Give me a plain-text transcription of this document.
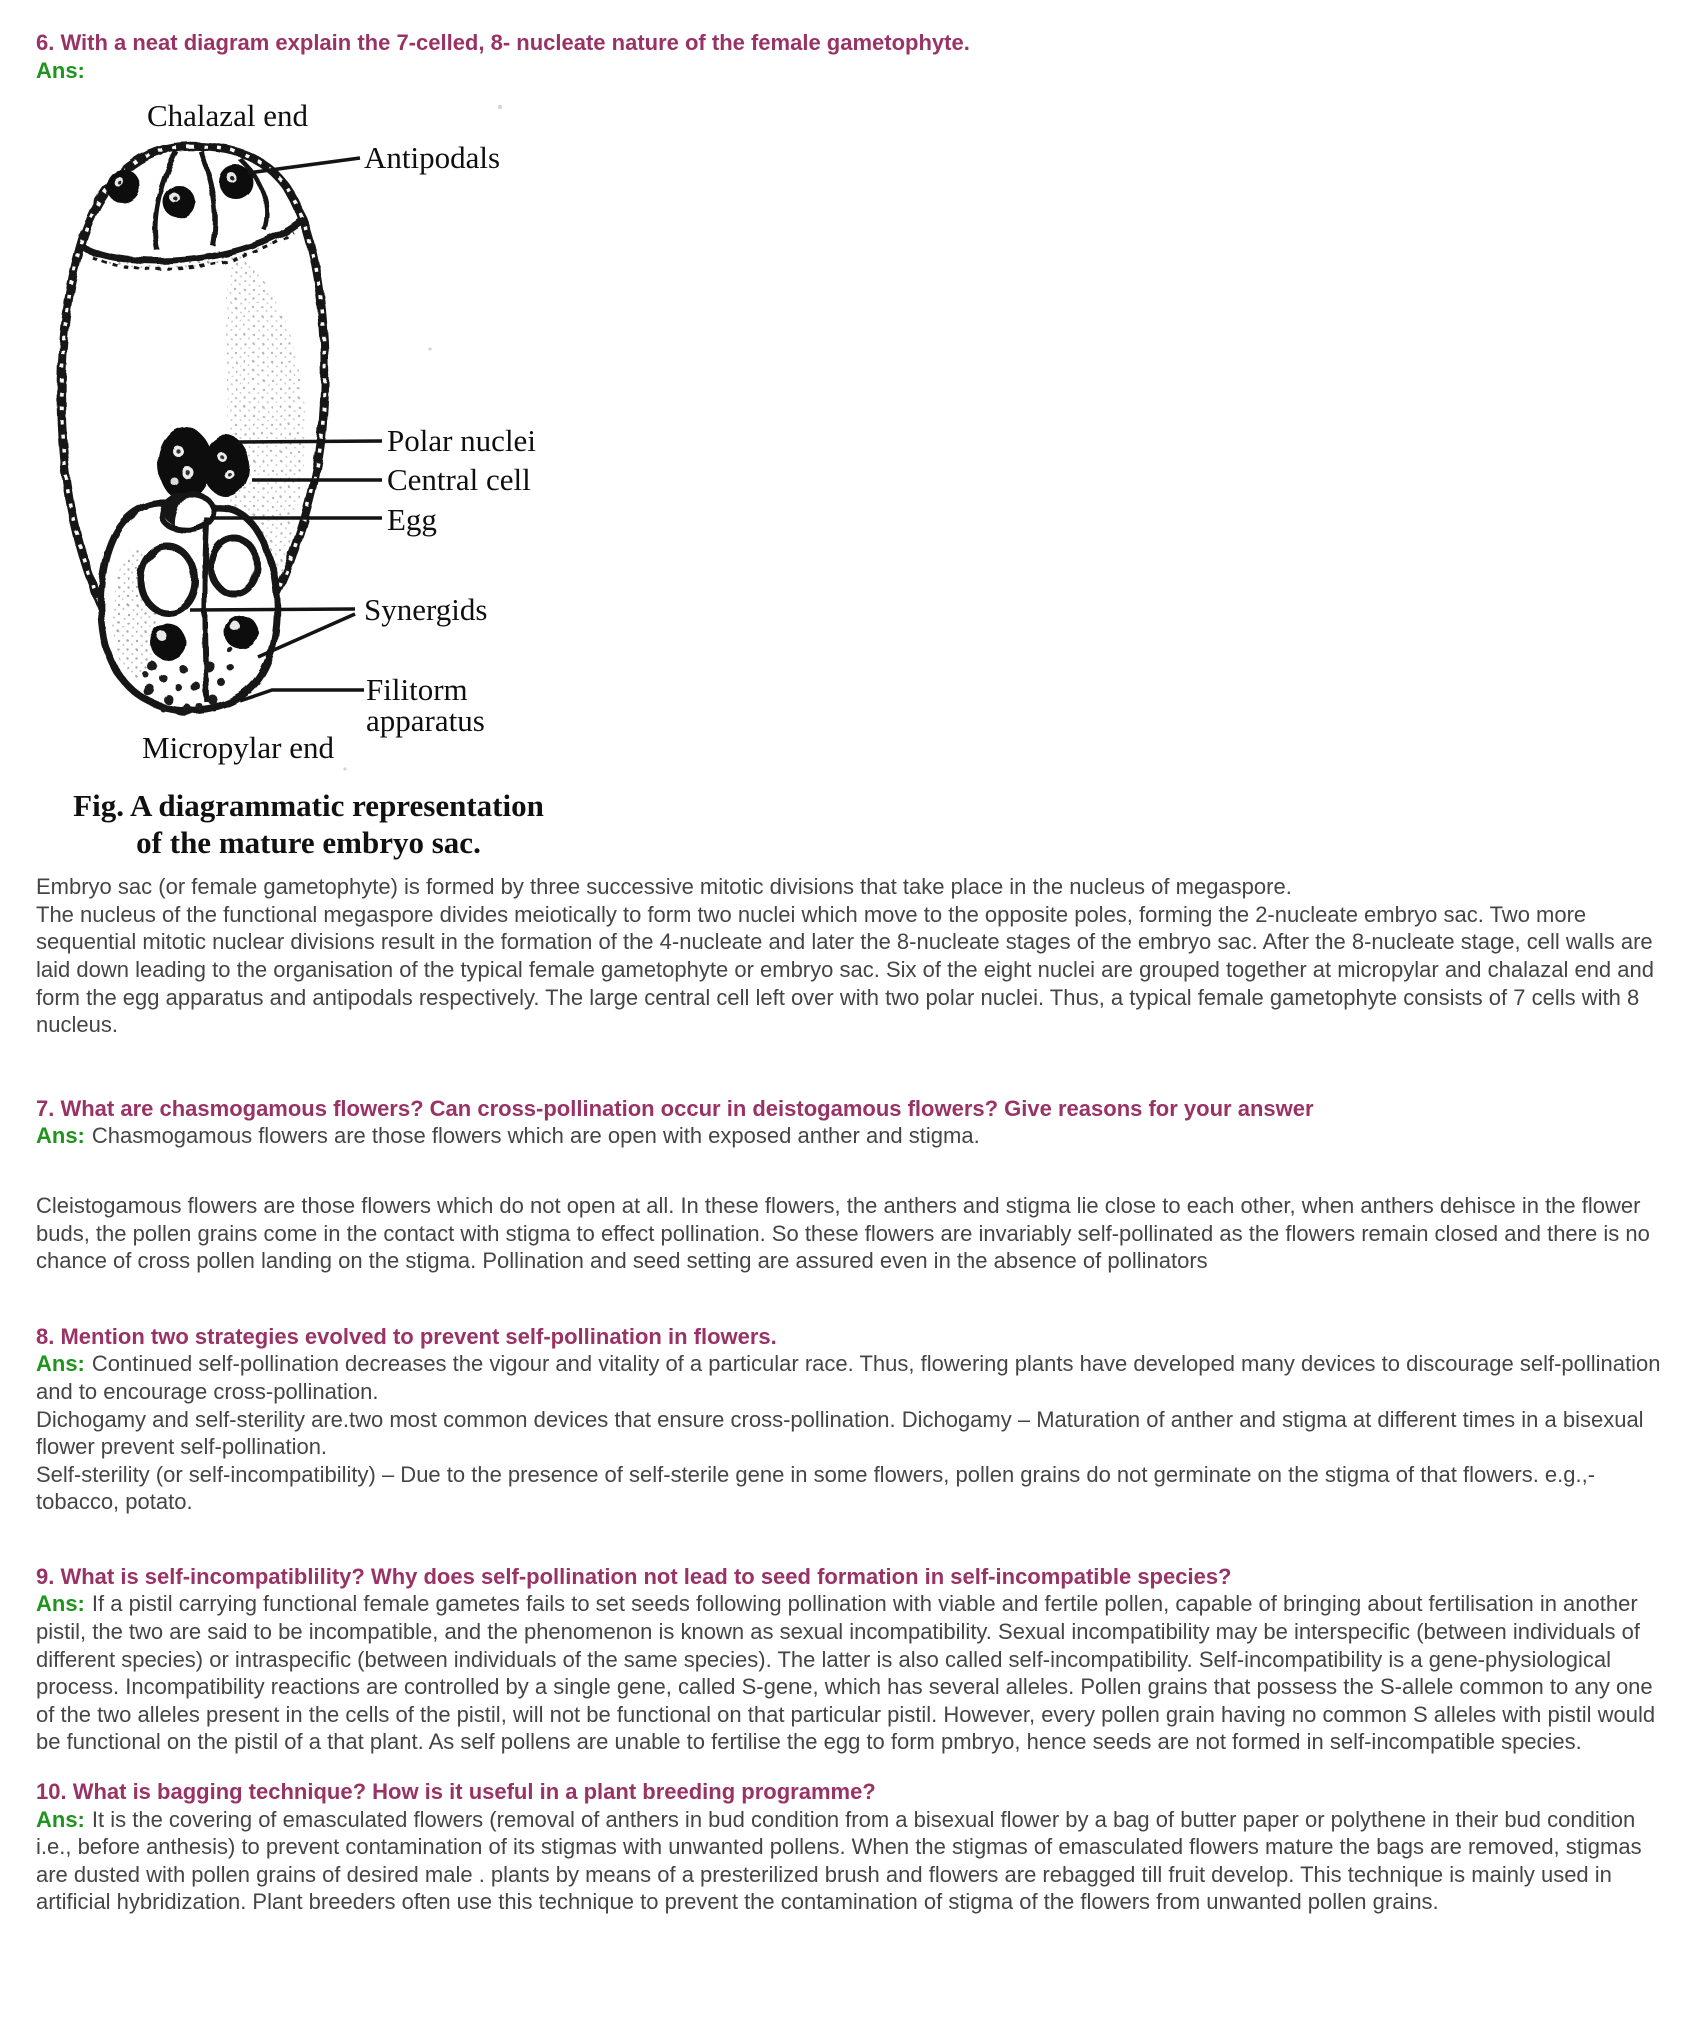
6. With a neat diagram explain the 7-celled, 8- nucleate nature of the female gametophyte.

Ans:

Chalazal end
Antipodals
Polar nuclei
Central cell
Egg
Synergids
Filitorm
apparatus
Micropylar end
Fig. A diagrammatic representation
of the mature embryo sac.

Embryo sac (or female gametophyte) is formed by three successive mitotic divisions that take place in the nucleus of megaspore.

The nucleus of the functional megaspore divides meiotically to form two nuclei which move to the opposite poles, forming the 2-nucleate embryo sac. Two more sequential mitotic nuclear divisions result in the formation of the 4-nucleate and later the 8-nucleate stages of the embryo sac. After the 8-nucleate stage, cell walls are laid down leading to the organisation of the typical female gametophyte or embryo sac. Six of the eight nuclei are grouped together at micropylar and chalazal end and form the egg apparatus and antipodals respectively. The large central cell left over with two polar nuclei. Thus, a typical female gametophyte consists of 7 cells with 8 nucleus.

7. What are chasmogamous flowers? Can cross-pollination occur in deistogamous flowers? Give reasons for your answer

Ans: Chasmogamous flowers are those flowers which are open with exposed anther and stigma.

Cleistogamous flowers are those flowers which do not open at all. In these flowers, the anthers and stigma lie close to each other, when anthers dehisce in the flower buds, the pollen grains come in the contact with stigma to effect pollination. So these flowers are invariably self-pollinated as the flowers remain closed and there is no chance of cross pollen landing on the stigma. Pollination and seed setting are assured even in the absence of pollinators

8. Mention two strategies evolved to prevent self-pollination in flowers.

Ans: Continued self-pollination decreases the vigour and vitality of a particular race. Thus, flowering plants have developed many devices to discourage self-pollination and to encourage cross-pollination.

Dichogamy and self-sterility are.two most common devices that ensure cross-pollination. Dichogamy – Maturation of anther and stigma at different times in a bisexual flower prevent self-pollination.

Self-sterility (or self-incompatibility) – Due to the presence of self-sterile gene in some flowers, pollen grains do not germinate on the stigma of that flowers. e.g.,- tobacco, potato.

9. What is self-incompatiblility? Why does self-pollination not lead to seed formation in self-incompatible species?

Ans: If a pistil carrying functional female gametes fails to set seeds following pollination with viable and fertile pollen, capable of bringing about fertilisation in another pistil, the two are said to be incompatible, and the phenomenon is known as sexual incompatibility. Sexual incompatibility may be interspecific (between individuals of different species) or intraspecific (between individuals of the same species). The latter is also called self-incompatibility. Self-incompatibility is a gene-physiological process. Incompatibility reactions are controlled by a single gene, called S-gene, which has several alleles. Pollen grains that possess the S-allele common to any one of the two alleles present in the cells of the pistil, will not be functional on that particular pistil. However, every pollen grain having no common S alleles with pistil would be functional on the pistil of a that plant. As self pollens are unable to fertilise the egg to form pmbryo, hence seeds are not formed in self-incompatible species.

10. What is bagging technique? How is it useful in a plant breeding programme?

Ans: It is the covering of emasculated flowers (removal of anthers in bud condition from a bisexual flower by a bag of butter paper or polythene in their bud condition i.e., before anthesis) to prevent contamination of its stigmas with unwanted pollens. When the stigmas of emasculated flowers mature the bags are removed, stigmas are dusted with pollen grains of desired male . plants by means of a presterilized brush and flowers are rebagged till fruit develop. This technique is mainly used in artificial hybridization. Plant breeders often use this technique to prevent the contamination of stigma of the flowers from unwanted pollen grains.
